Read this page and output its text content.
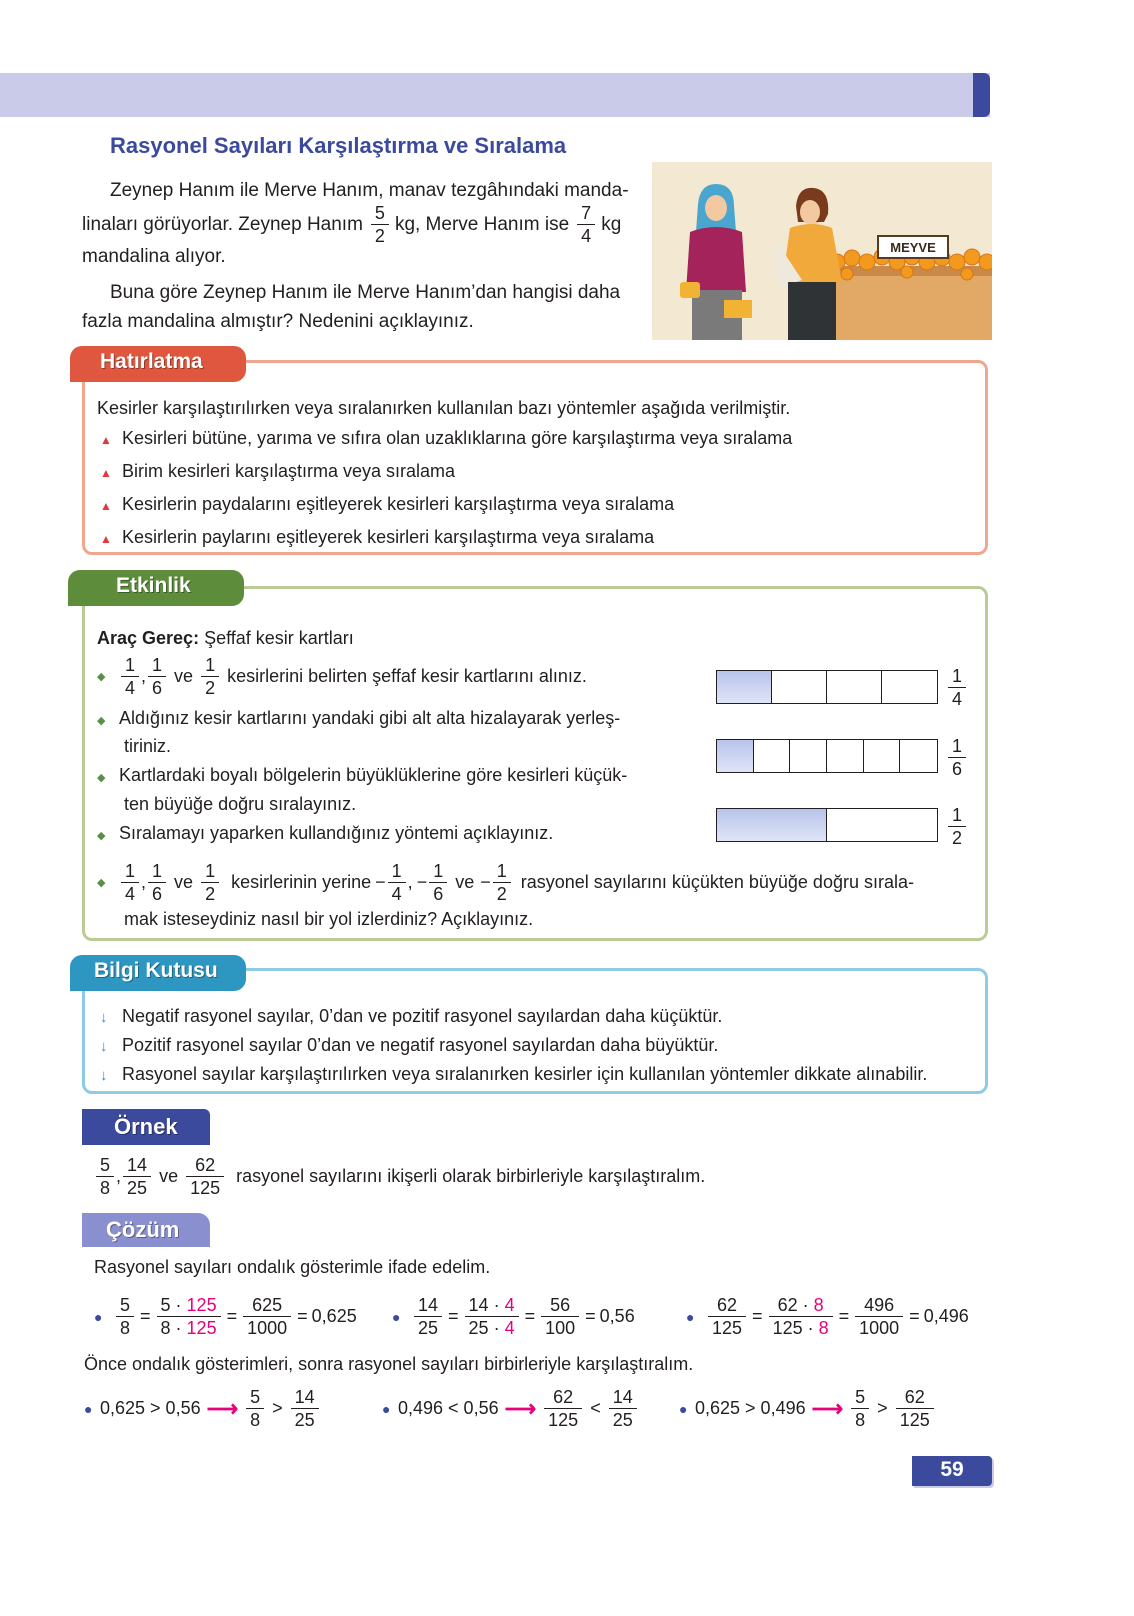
Rasyonel Sayıları Karşılaştırma ve Sıralama
Zeynep Hanım ile Merve Hanım, manav tezgâhındaki manda-
linaları görüyorlar. Zeynep Hanım $\frac{5}{2}$ kg, Merve Hanım ise $\frac{7}{4}$ kg
mandalina alıyor.
Buna göre Zeynep Hanım ile Merve Hanım’dan hangisi daha
fazla mandalina almıştır? Nedenini açıklayınız.
MEYVE
Hatırlatma
Kesirler karşılaştırılırken veya sıralanırken kullanılan bazı yöntemler aşağıda verilmiştir.
▲ Kesirleri bütüne, yarıma ve sıfıra olan uzaklıklarına göre karşılaştırma veya sıralama
▲ Birim kesirleri karşılaştırma veya sıralama
▲ Kesirlerin paydalarını eşitleyerek kesirleri karşılaştırma veya sıralama
▲ Kesirlerin paylarını eşitleyerek kesirleri karşılaştırma veya sıralama
Etkinlik
Araç Gereç: Şeffaf kesir kartları
◆ $\frac{1}{4}$ , $\frac{1}{6}$ ve $\frac{1}{2}$ kesirlerini belirten şeffaf kesir kartlarını alınız.
◆ Aldığınız kesir kartlarını yandaki gibi alt alta hizalayarak yerleş-
tiriniz.
◆ Kartlardaki boyalı bölgelerin büyüklüklerine göre kesirleri küçük-
ten büyüğe doğru sıralayınız.
◆ Sıralamayı yaparken kullandığınız yöntemi açıklayınız.
◆ $\frac{1}{4}$ , $\frac{1}{6}$ ve $\frac{1}{2}$ kesirlerinin yerine − $\frac{1}{4}$ , − $\frac{1}{6}$ ve − $\frac{1}{2}$ rasyonel sayılarını küçükten büyüğe doğru sırala-
mak isteseydiniz nasıl bir yol izlerdiniz? Açıklayınız.
$\frac{1}{4}$
$\frac{1}{6}$
$\frac{1}{2}$
Bilgi Kutusu
↓ Negatif rasyonel sayılar, 0’dan ve pozitif rasyonel sayılardan daha küçüktür.
↓ Pozitif rasyonel sayılar 0’dan ve negatif rasyonel sayılardan daha büyüktür.
↓ Rasyonel sayılar karşılaştırılırken veya sıralanırken kesirler için kullanılan yöntemler dikkate alınabilir.
Örnek
$\frac{5}{8}$ , $\frac{14}{25}$ ve $\frac{62}{125}$ rasyonel sayılarını ikişerli olarak birbirleriyle karşılaştıralım.
Çözüm
Rasyonel sayıları ondalık gösterimle ifade edelim.
● $\frac{5}{8} = \frac{5 \cdot 125}{8 \cdot 125} = \frac{625}{1000} = 0,625$	● $\frac{14}{25} = \frac{14 \cdot 4}{25 \cdot 4} = \frac{56}{100} = 0,56$	● $\frac{62}{125} = \frac{62 \cdot 8}{125 \cdot 8} = \frac{496}{1000} = 0,496$
Önce ondalık gösterimleri, sonra rasyonel sayıları birbirleriyle karşılaştıralım.
● 0,625 > 0,56 ⟶ $\frac{5}{8} > \frac{14}{25}$	● 0,496 < 0,56 ⟶ $\frac{62}{125} < \frac{14}{25}$	● 0,625 > 0,496 ⟶ $\frac{5}{8} > \frac{62}{125}$
59
